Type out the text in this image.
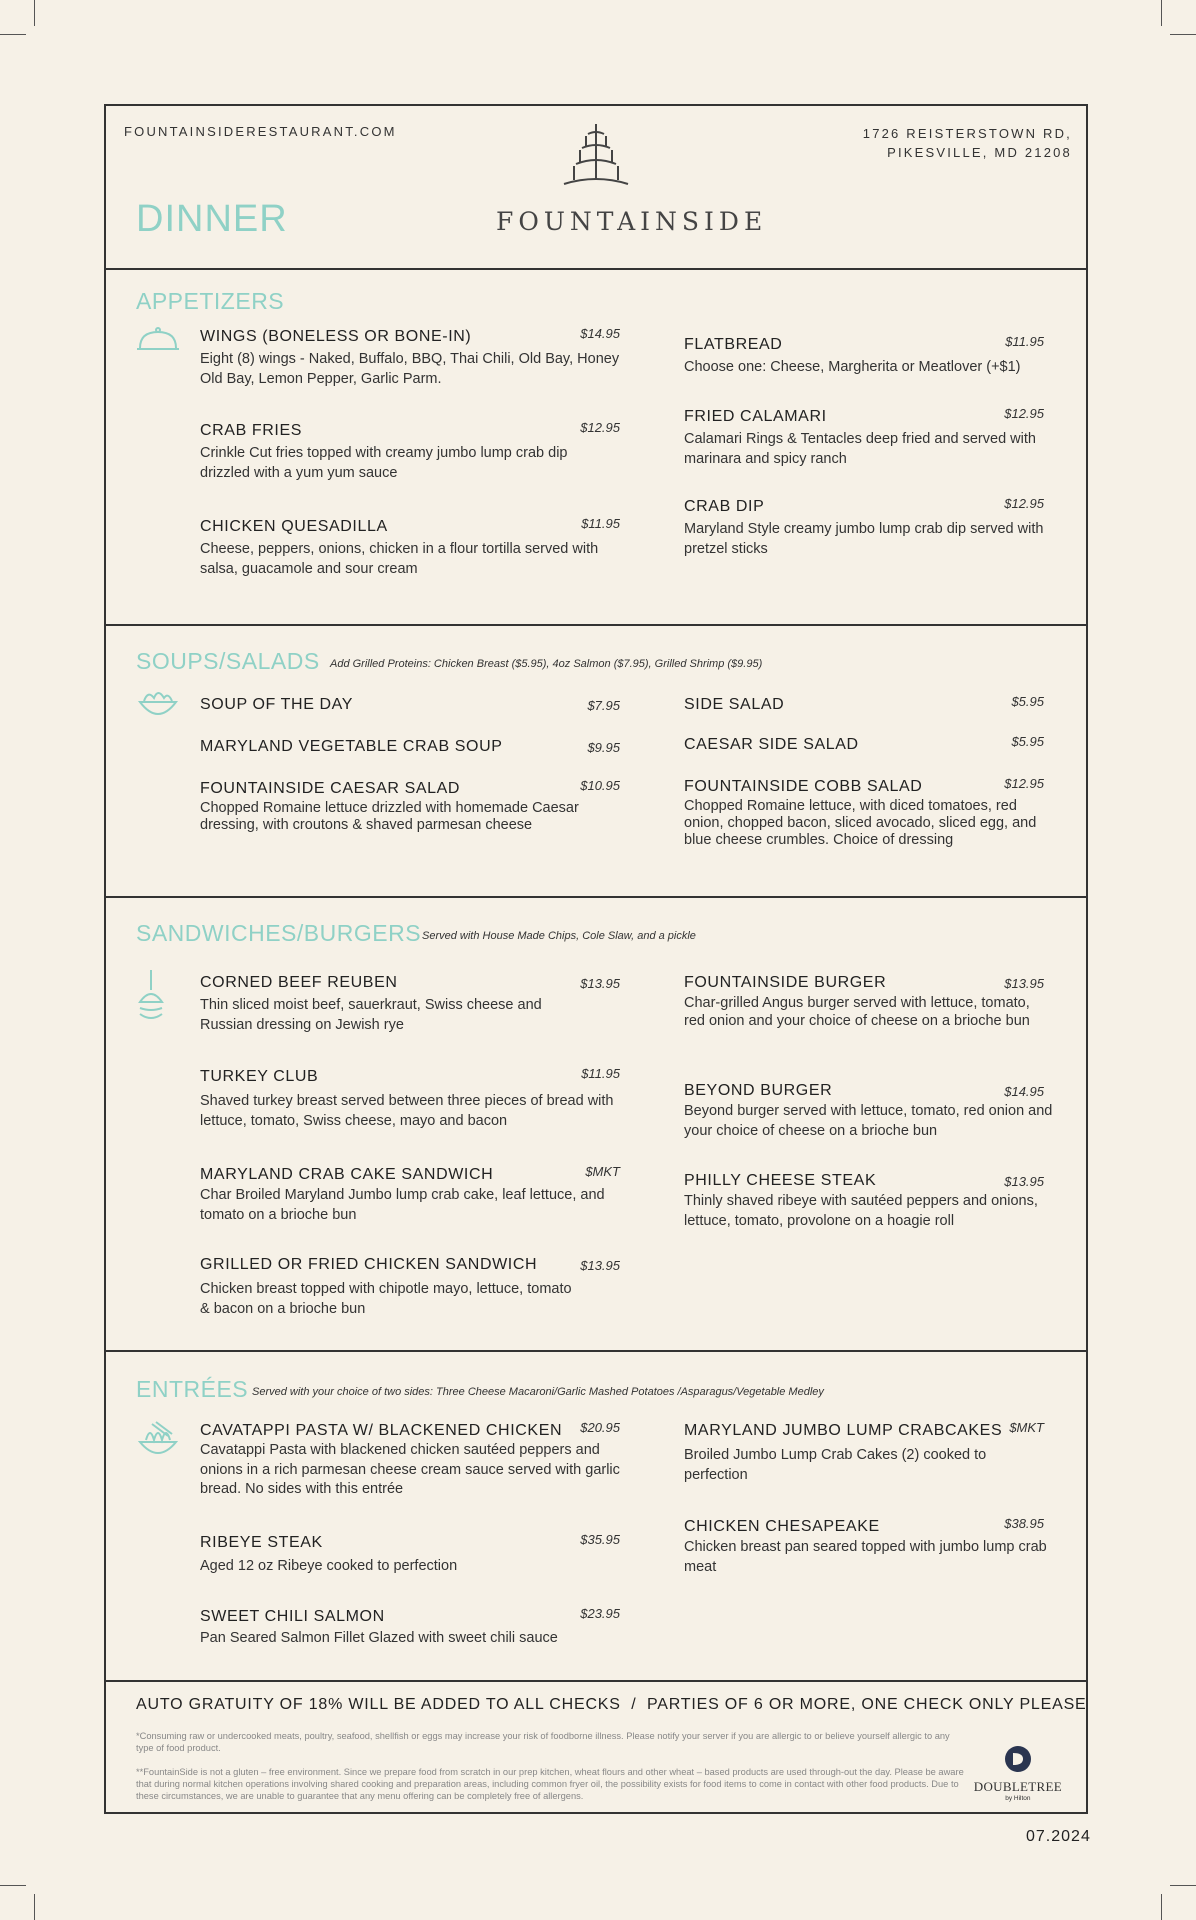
FOUNTAINSIDERESTAURANT.COM	1726 REISTERSTOWN RD,
PIKESVILLE, MD 21208
DINNER	FOUNTAINSIDE
APPETIZERS
WINGS (BONELESS OR BONE-IN)	$14.95
Eight (8) wings - Naked, Buffalo, BBQ, Thai Chili, Old Bay, Honey Old Bay, Lemon Pepper, Garlic Parm.
CRAB FRIES	$12.95
Crinkle Cut fries topped with creamy jumbo lump crab dip drizzled with a yum yum sauce
CHICKEN QUESADILLA	$11.95
Cheese, peppers, onions, chicken in a flour tortilla served with salsa, guacamole and sour cream
FLATBREAD	$11.95
Choose one: Cheese, Margherita or Meatlover (+$1)
FRIED CALAMARI	$12.95
Calamari Rings & Tentacles deep fried and served with marinara and spicy ranch
CRAB DIP	$12.95
Maryland Style creamy jumbo lump crab dip served with pretzel sticks
SOUPS/SALADS Add Grilled Proteins: Chicken Breast ($5.95), 4oz Salmon ($7.95), Grilled Shrimp ($9.95)
SOUP OF THE DAY	$7.95
MARYLAND VEGETABLE CRAB SOUP	$9.95
FOUNTAINSIDE CAESAR SALAD	$10.95
Chopped Romaine lettuce drizzled with homemade Caesar dressing, with croutons & shaved parmesan cheese
SIDE SALAD	$5.95
CAESAR SIDE SALAD	$5.95
FOUNTAINSIDE COBB SALAD	$12.95
Chopped Romaine lettuce, with diced tomatoes, red onion, chopped bacon, sliced avocado, sliced egg, and blue cheese crumbles. Choice of dressing
SANDWICHES/BURGERS Served with House Made Chips, Cole Slaw, and a pickle
CORNED BEEF REUBEN	$13.95
Thin sliced moist beef, sauerkraut, Swiss cheese and Russian dressing on Jewish rye
TURKEY CLUB	$11.95
Shaved turkey breast served between three pieces of bread with lettuce, tomato, Swiss cheese, mayo and bacon
MARYLAND CRAB CAKE SANDWICH	$MKT
Char Broiled Maryland Jumbo lump crab cake, leaf lettuce, and tomato on a brioche bun
GRILLED OR FRIED CHICKEN SANDWICH	$13.95
Chicken breast topped with chipotle mayo, lettuce, tomato & bacon on a brioche bun
FOUNTAINSIDE BURGER	$13.95
Char-grilled Angus burger served with lettuce, tomato, red onion and your choice of cheese on a brioche bun
BEYOND BURGER	$14.95
Beyond burger served with lettuce, tomato, red onion and your choice of cheese on a brioche bun
PHILLY CHEESE STEAK	$13.95
Thinly shaved ribeye with sautéed peppers and onions, lettuce, tomato, provolone on a hoagie roll
ENTRÉES Served with your choice of two sides: Three Cheese Macaroni/Garlic Mashed Potatoes /Asparagus/Vegetable Medley
CAVATAPPI PASTA W/ BLACKENED CHICKEN	$20.95
Cavatappi Pasta with blackened chicken sautéed peppers and onions in a rich parmesan cheese cream sauce served with garlic bread. No sides with this entrée
RIBEYE STEAK	$35.95
Aged 12 oz Ribeye cooked to perfection
SWEET CHILI SALMON	$23.95
Pan Seared Salmon Fillet Glazed with sweet chili sauce
MARYLAND JUMBO LUMP CRABCAKES $MKT
Broiled Jumbo Lump Crab Cakes (2) cooked to perfection
CHICKEN CHESAPEAKE	$38.95
Chicken breast pan seared topped with jumbo lump crab meat
AUTO GRATUITY OF 18% WILL BE ADDED TO ALL CHECKS  /  PARTIES OF 6 OR MORE, ONE CHECK ONLY PLEASE
*Consuming raw or undercooked meats, poultry, seafood, shellfish or eggs may increase your risk of foodborne illness. Please notify your server if you are allergic to or believe yourself allergic to any type of food product.
**FountainSide is not a gluten – free environment. Since we prepare food from scratch in our prep kitchen, wheat flours and other wheat – based products are used through-out the day. Please be aware that during normal kitchen operations involving shared cooking and preparation areas, including common fryer oil, the possibility exists for food items to come in contact with other food products. Due to these circumstances, we are unable to guarantee that any menu offering can be completely free of allergens.
DOUBLETREE
by Hilton
07.2024
